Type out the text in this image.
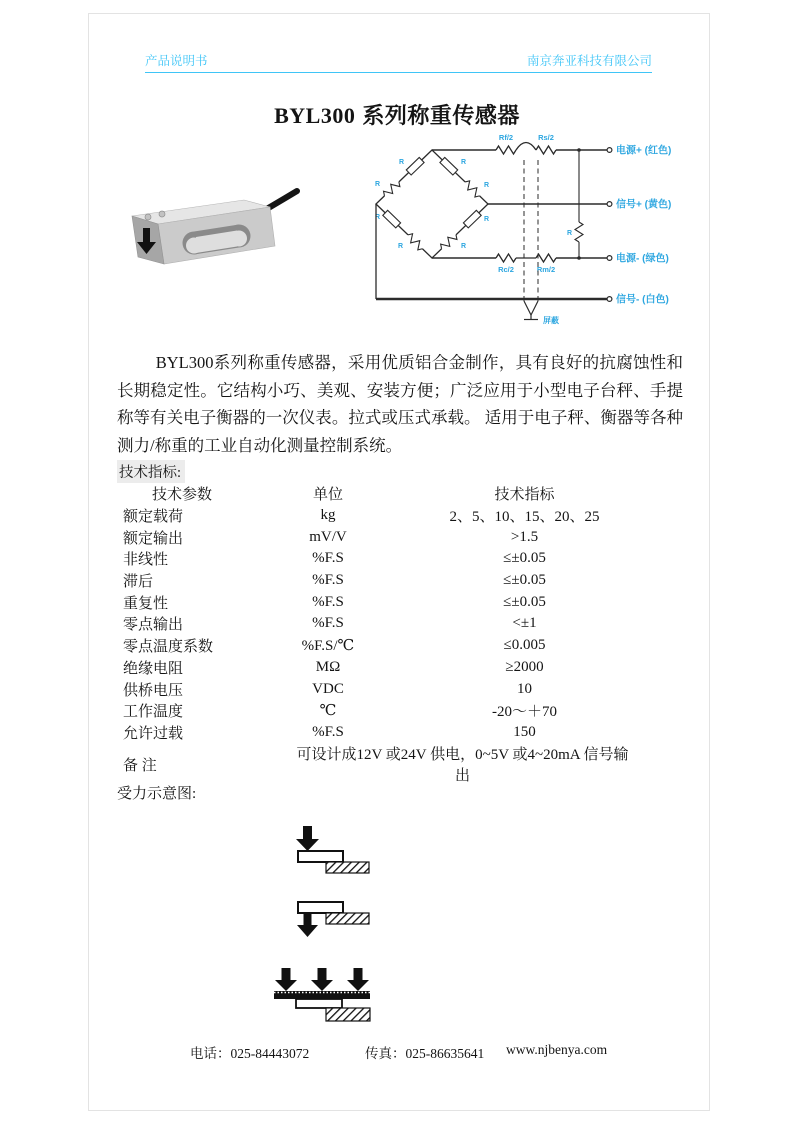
产品说明书	南京奔亚科技有限公司
BYL300 系列称重传感器
R
R
R
R
R
R
R
R
Rf/2	Rs/2
Rc/2	Rm/2
R
屏蔽
电源+ (红色)
信号+ (黄色)
电源- (绿色)
信号- (白色)

BYL300系列称重传感器，采用优质铝合金制作，具有良好的抗腐蚀性和长期稳定性。它结构小巧、美观、安装方便；广泛应用于小型电子台秤、手提称等有关电子衡器的一次仪表。拉式或压式承载。 适用于电子秤、衡器等各种测力/称重的工业自动化测量控制系统。

技术指标:
技术参数	单位	技术指标
额定载荷	kg	2、5、10、15、20、25
额定输出	mV/V	>1.5
非线性	%F.S	≤±0.05
滞后	%F.S	≤±0.05
重复性	%F.S	≤±0.05
零点输出	%F.S	<±1
零点温度系数	%F.S/℃	≤0.005
绝缘电阻	MΩ	≥2000
供桥电压	VDC	10
工作温度	℃	-20～＋70
允许过载	%F.S	150
备 注	可设计成12V 或24V 供电，0~5V 或4~20mA 信号输出	
受力示意图:
电话：025-84443072	传真：025-86635641 www.njbenya.com
